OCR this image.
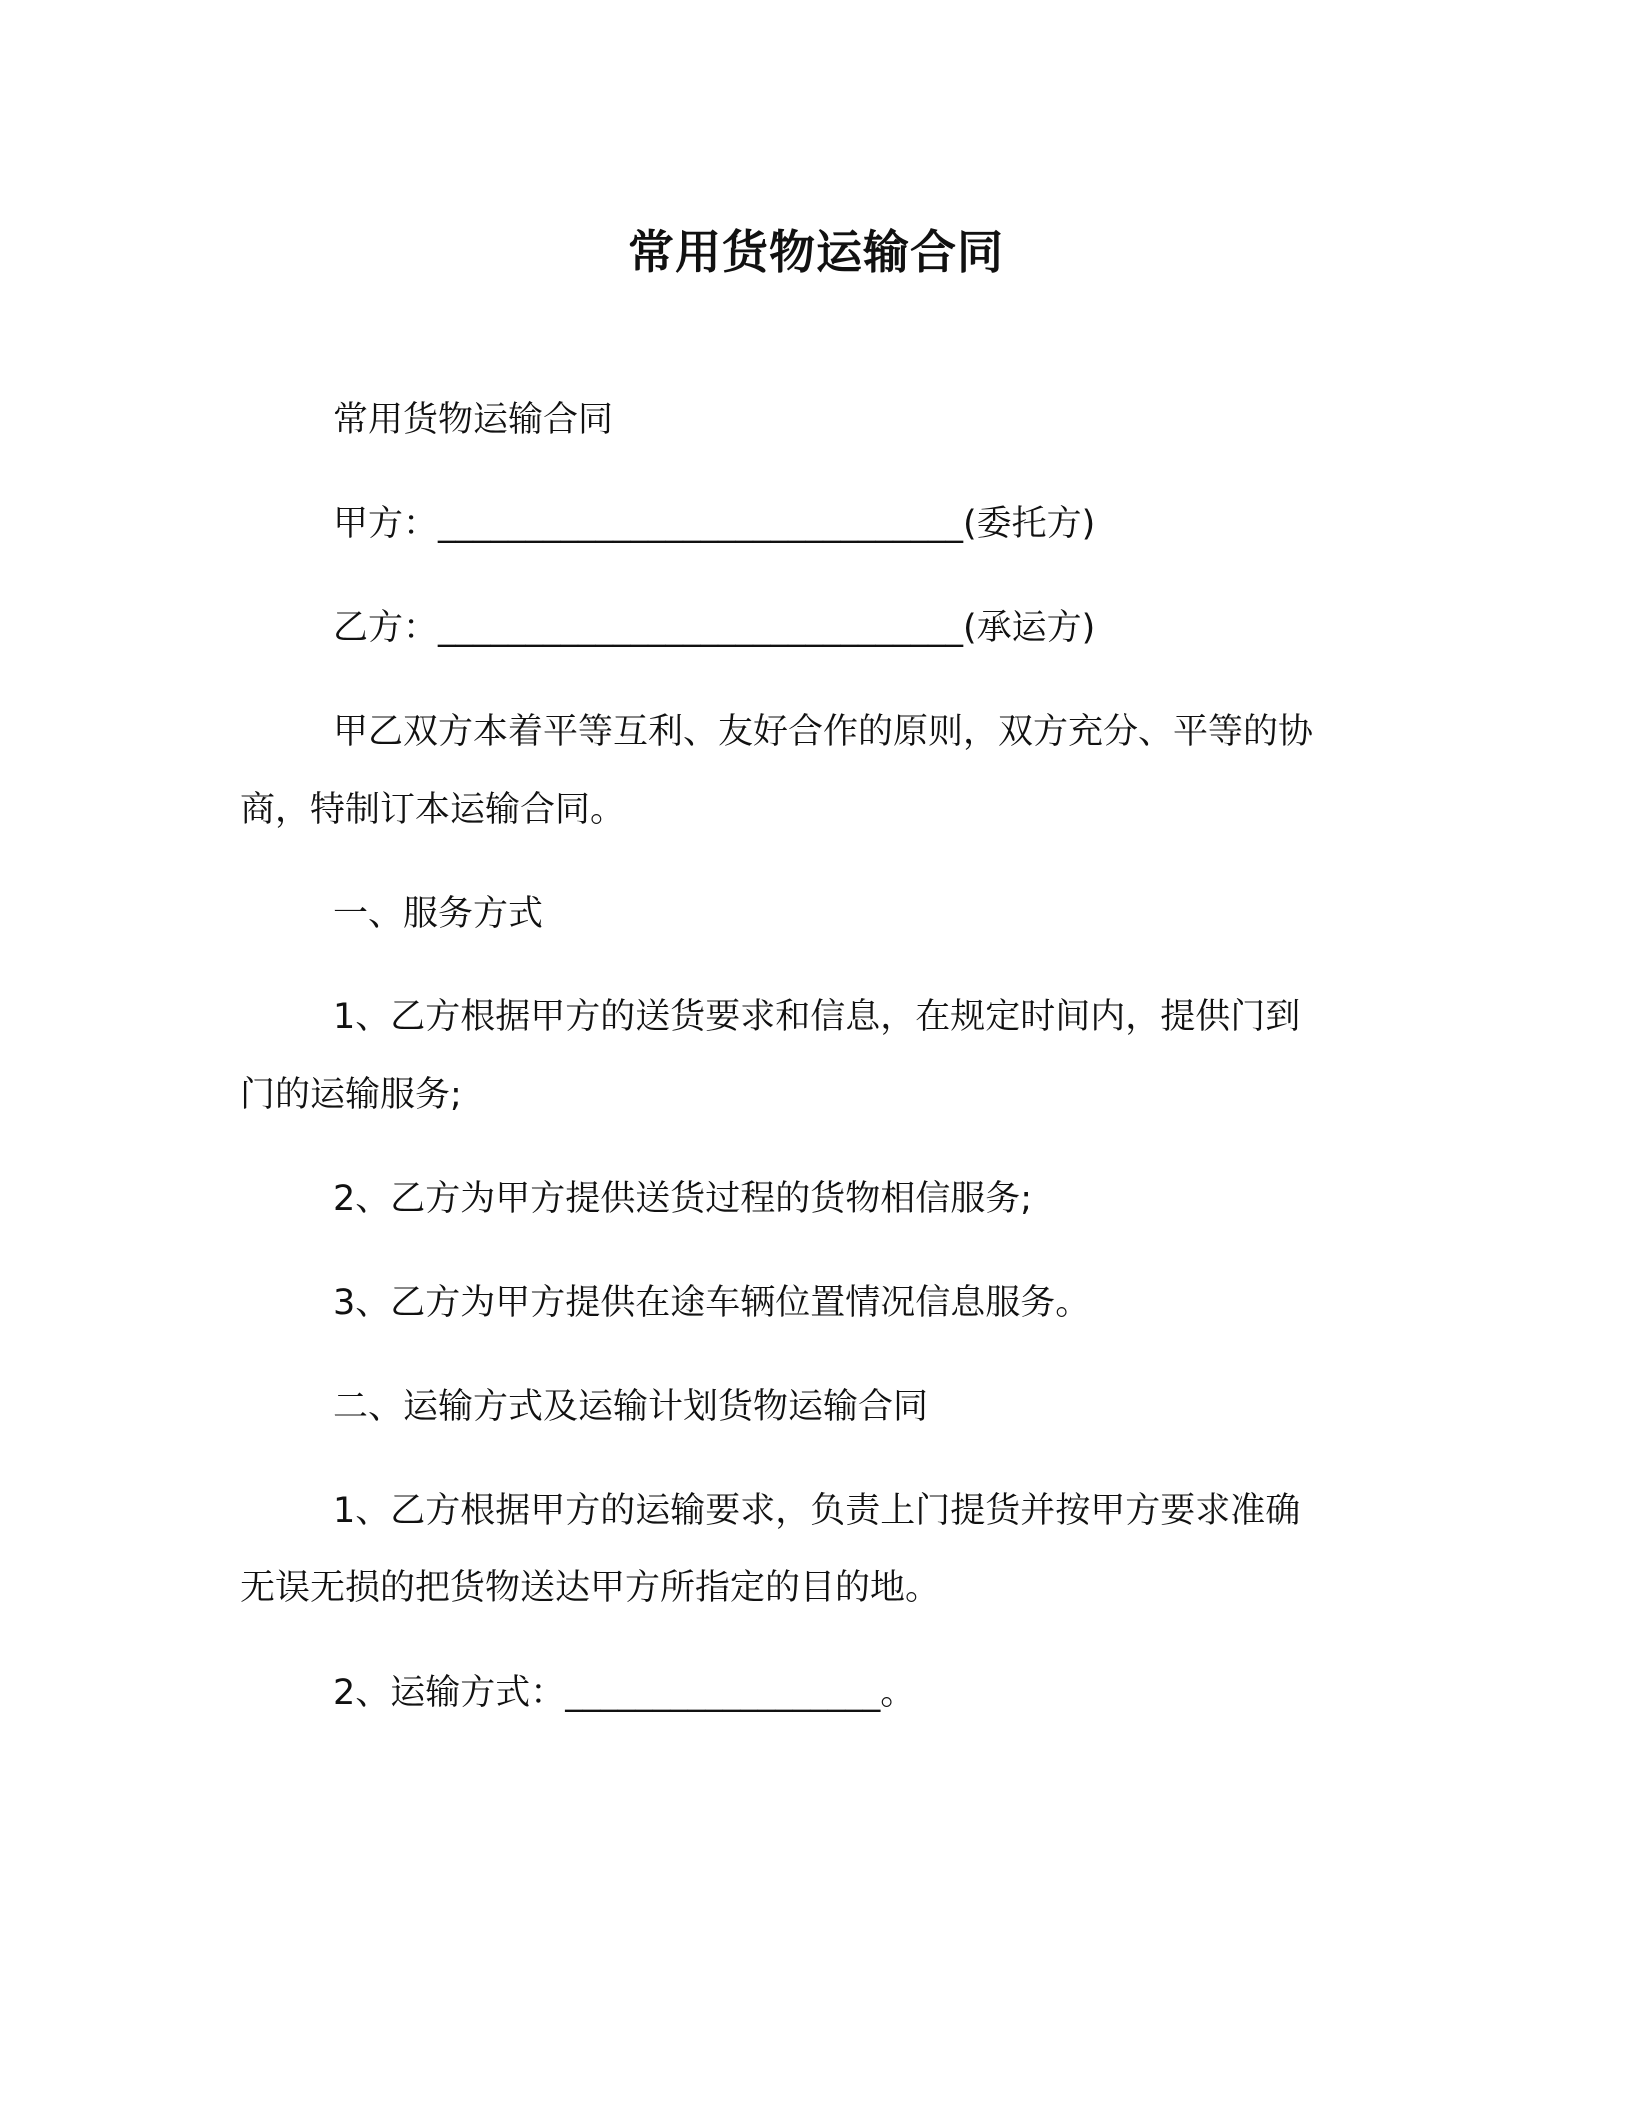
常用货物运输合同
常用货物运输合同
甲方：______________________________(委托方)
乙方：______________________________(承运方)
甲乙双方本着平等互利、友好合作的原则，双方充分、平等的协
商，特制订本运输合同。
一、服务方式
1、乙方根据甲方的送货要求和信息，在规定时间内，提供门到
门的运输服务;
2、乙方为甲方提供送货过程的货物相信服务;
3、乙方为甲方提供在途车辆位置情况信息服务。
二、运输方式及运输计划货物运输合同
1、乙方根据甲方的运输要求，负责上门提货并按甲方要求准确
无误无损的把货物送达甲方所指定的目的地。
2、运输方式：__________________。
